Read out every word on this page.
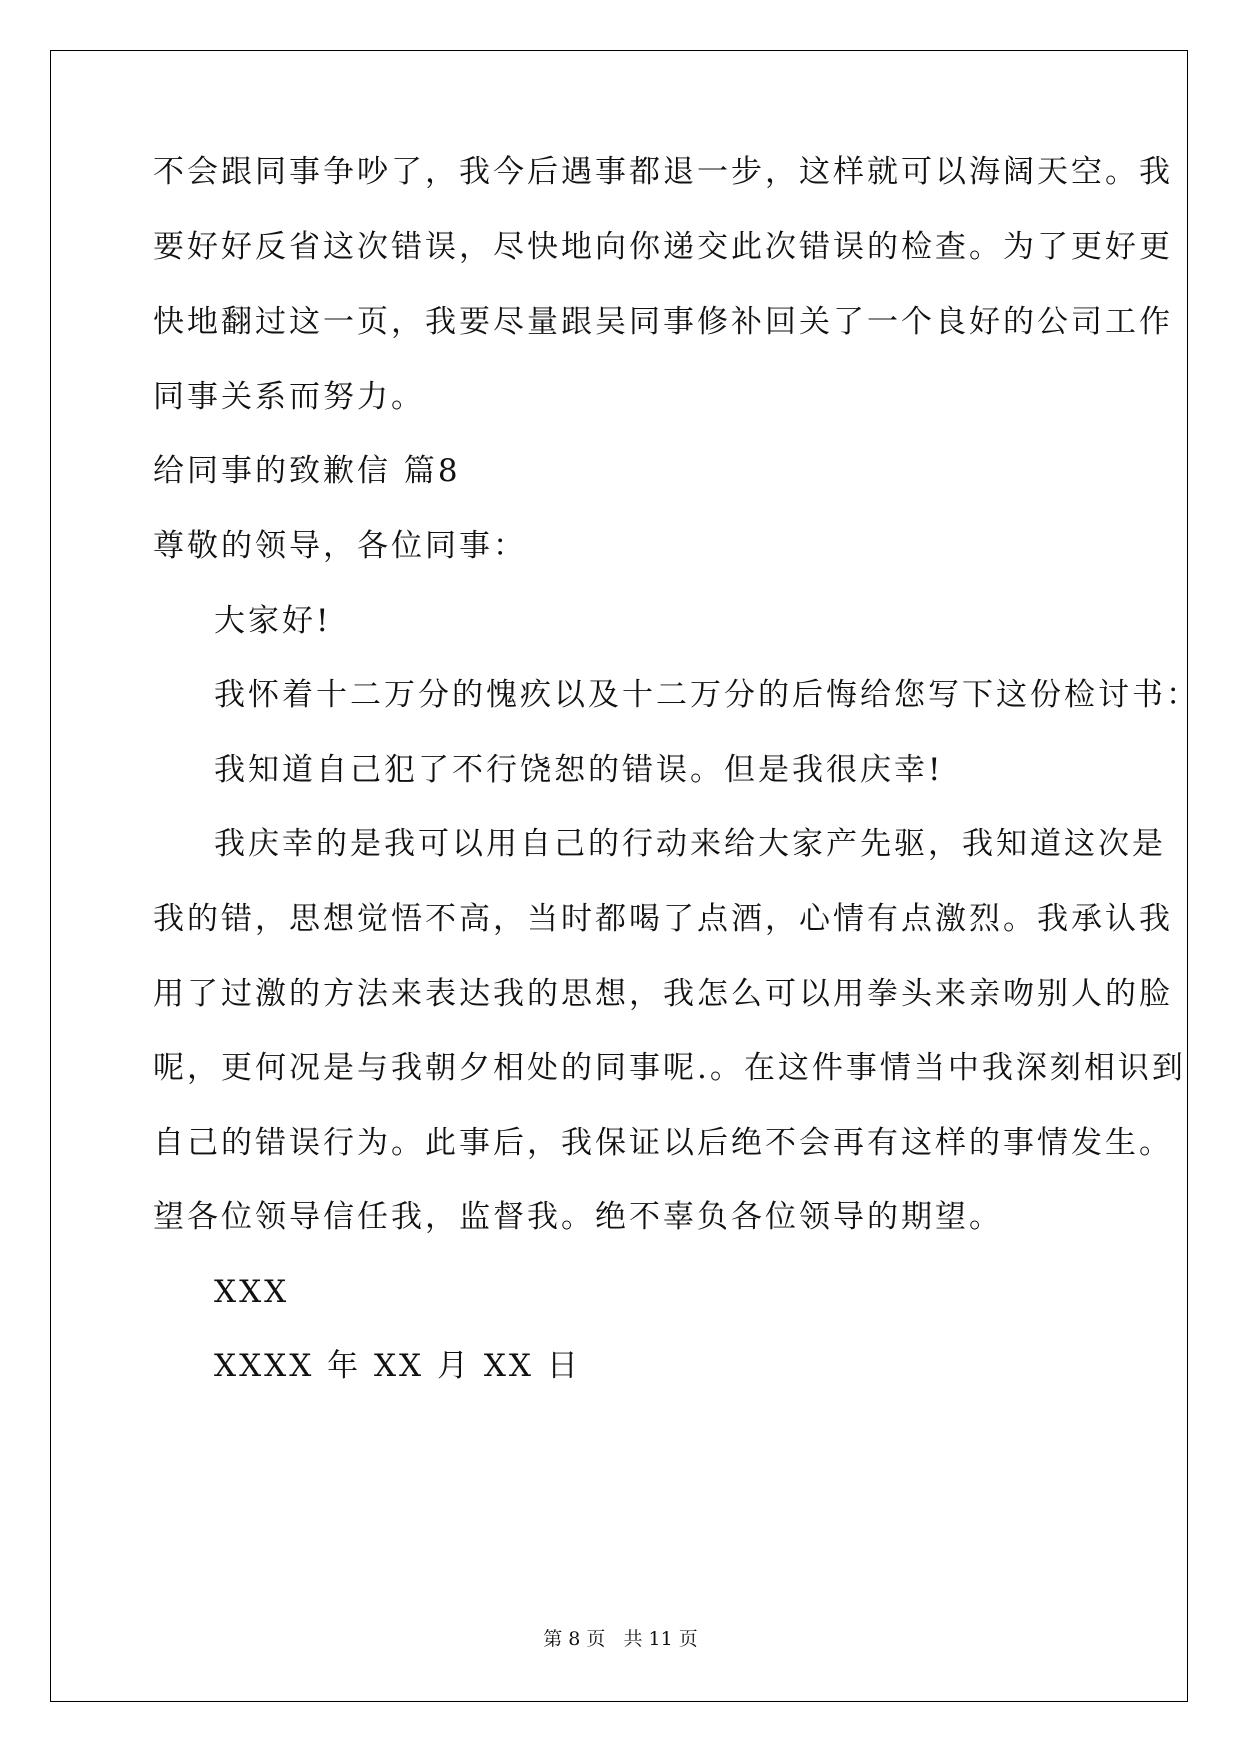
不会跟同事争吵了，我今后遇事都退一步，这样就可以海阔天空。我
要好好反省这次错误，尽快地向你递交此次错误的检查。为了更好更
快地翻过这一页，我要尽量跟吴同事修补回关了一个良好的公司工作
同事关系而努力。
给同事的致歉信 篇8
尊敬的领导，各位同事：
大家好!
我怀着十二万分的愧疚以及十二万分的后悔给您写下这份检讨书：
我知道自己犯了不行饶恕的错误。但是我很庆幸!
我庆幸的是我可以用自己的行动来给大家产先驱，我知道这次是
我的错，思想觉悟不高，当时都喝了点酒，心情有点激烈。我承认我
用了过激的方法来表达我的思想，我怎么可以用拳头来亲吻别人的脸
呢，更何况是与我朝夕相处的同事呢.。在这件事情当中我深刻相识到
自己的错误行为。此事后，我保证以后绝不会再有这样的事情发生。
望各位领导信任我，监督我。绝不辜负各位领导的期望。
XXX
XXXX 年 XX 月 XX 日
第 8 页   共 11 页
